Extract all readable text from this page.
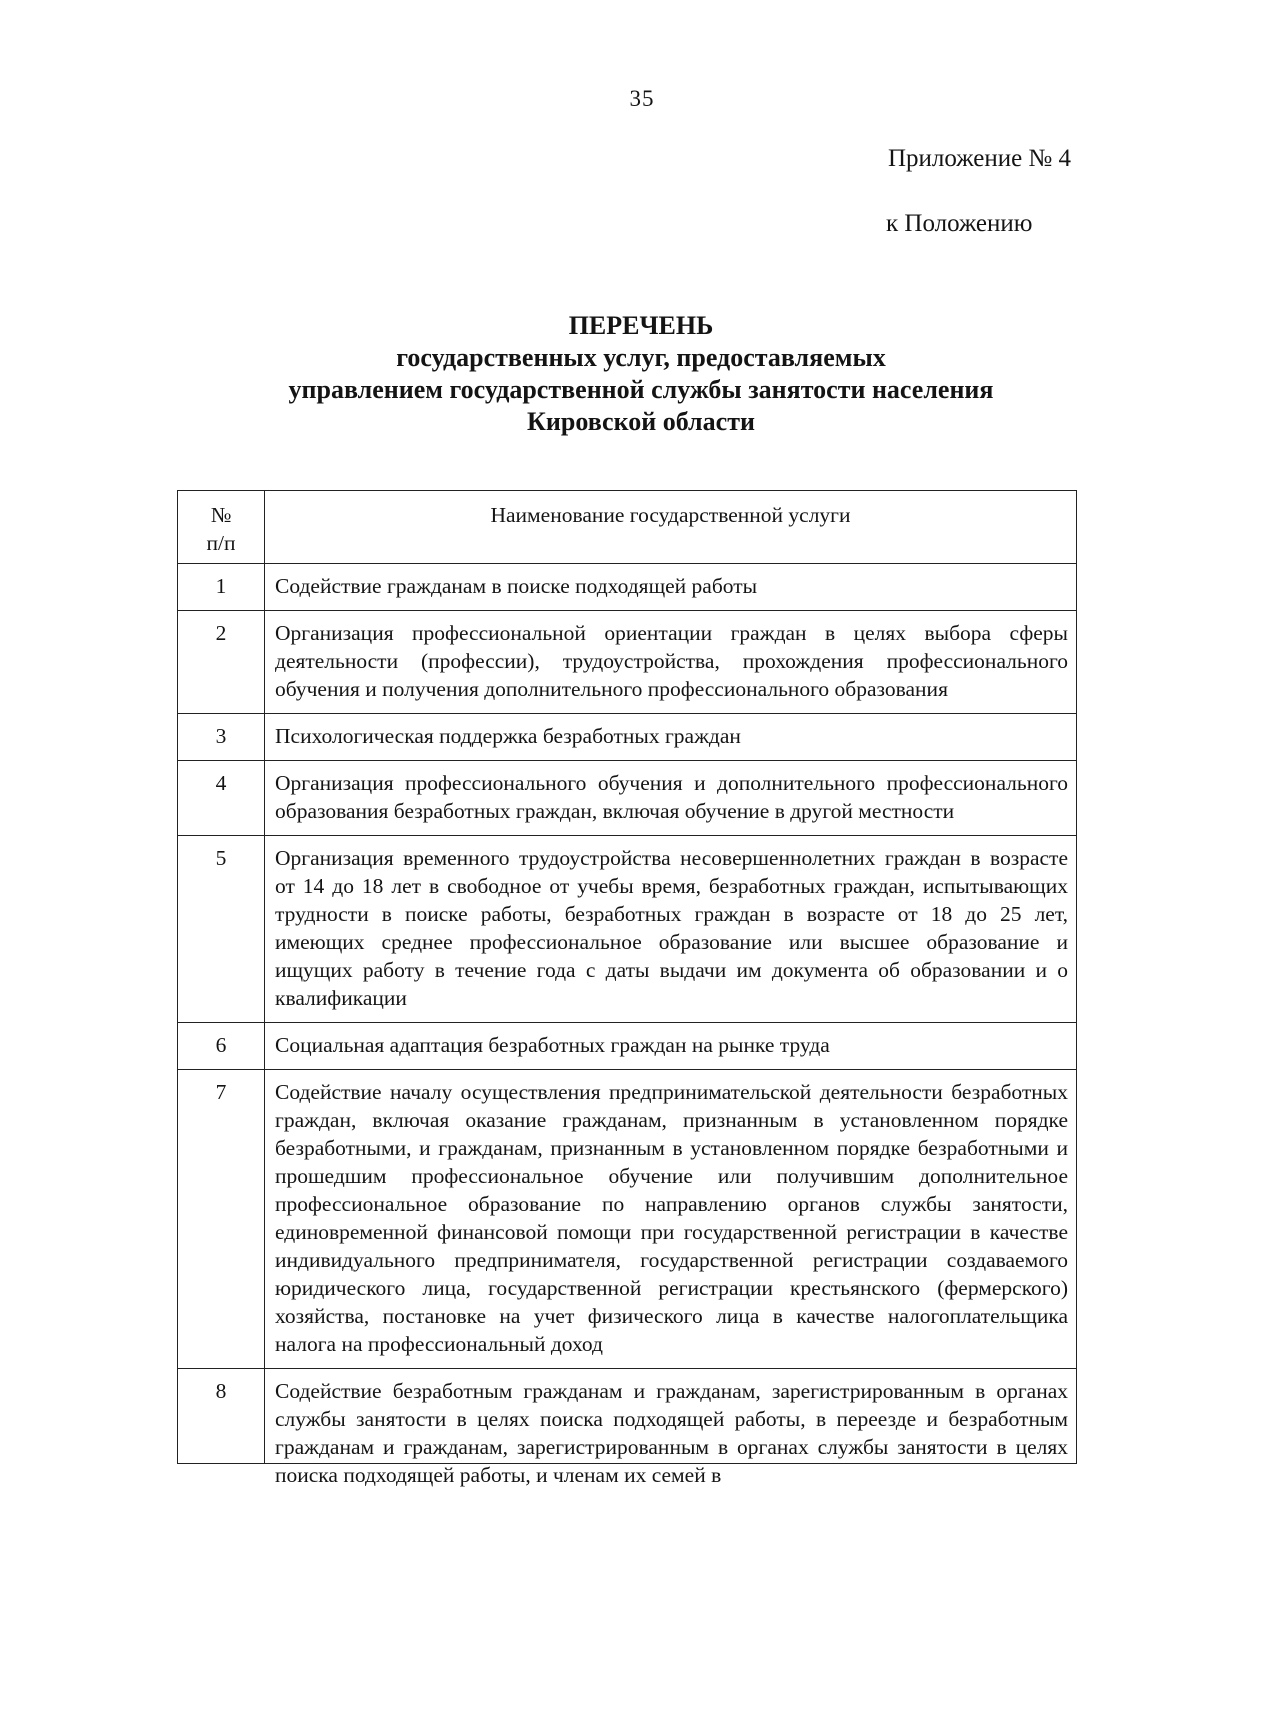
35
Приложение № 4
к Положению
ПЕРЕЧЕНЬ
государственных услуг, предоставляемых
управлением государственной службы занятости населения
Кировской области
№
п/п	Наименование государственной услуги
1	Содействие гражданам в поиске подходящей работы
2	Организация профессиональной ориентации граждан в целях выбора сферы деятельности (профессии), трудоустройства, прохождения профессионального обучения и получения дополнительного профессионального образования
3	Психологическая поддержка безработных граждан
4	Организация профессионального обучения и дополнительного профессионального образования безработных граждан, включая обучение в другой местности
5	Организация временного трудоустройства несовершеннолетних граждан в возрасте от 14 до 18 лет в свободное от учебы время, безработных граждан, испытывающих трудности в поиске работы, безработных граждан в возрасте от 18 до 25 лет, имеющих среднее профессиональное образование или высшее образование и ищущих работу в течение года с даты выдачи им документа об образовании и о квалификации
6	Социальная адаптация безработных граждан на рынке труда
7	Содействие началу осуществления предпринимательской деятельности безработных граждан, включая оказание гражданам, признанным в установленном порядке безработными, и гражданам, признанным в установленном порядке безработными и прошедшим профессиональное обучение или получившим дополнительное профессиональное образование по направлению органов службы занятости, единовременной финансовой помощи при государственной регистрации в качестве индивидуального предпринимателя, государственной регистрации создаваемого юридического лица, государственной регистрации крестьянского (фермерского) хозяйства, постановке на учет физического лица в качестве налогоплательщика налога на профессиональный доход
8	Содействие безработным гражданам и гражданам, зарегистрированным в органах службы занятости в целях поиска подходящей работы, в переезде и безработным гражданам и гражданам, зарегистрированным в органах службы занятости в целях поиска подходящей работы, и членам их семей в
